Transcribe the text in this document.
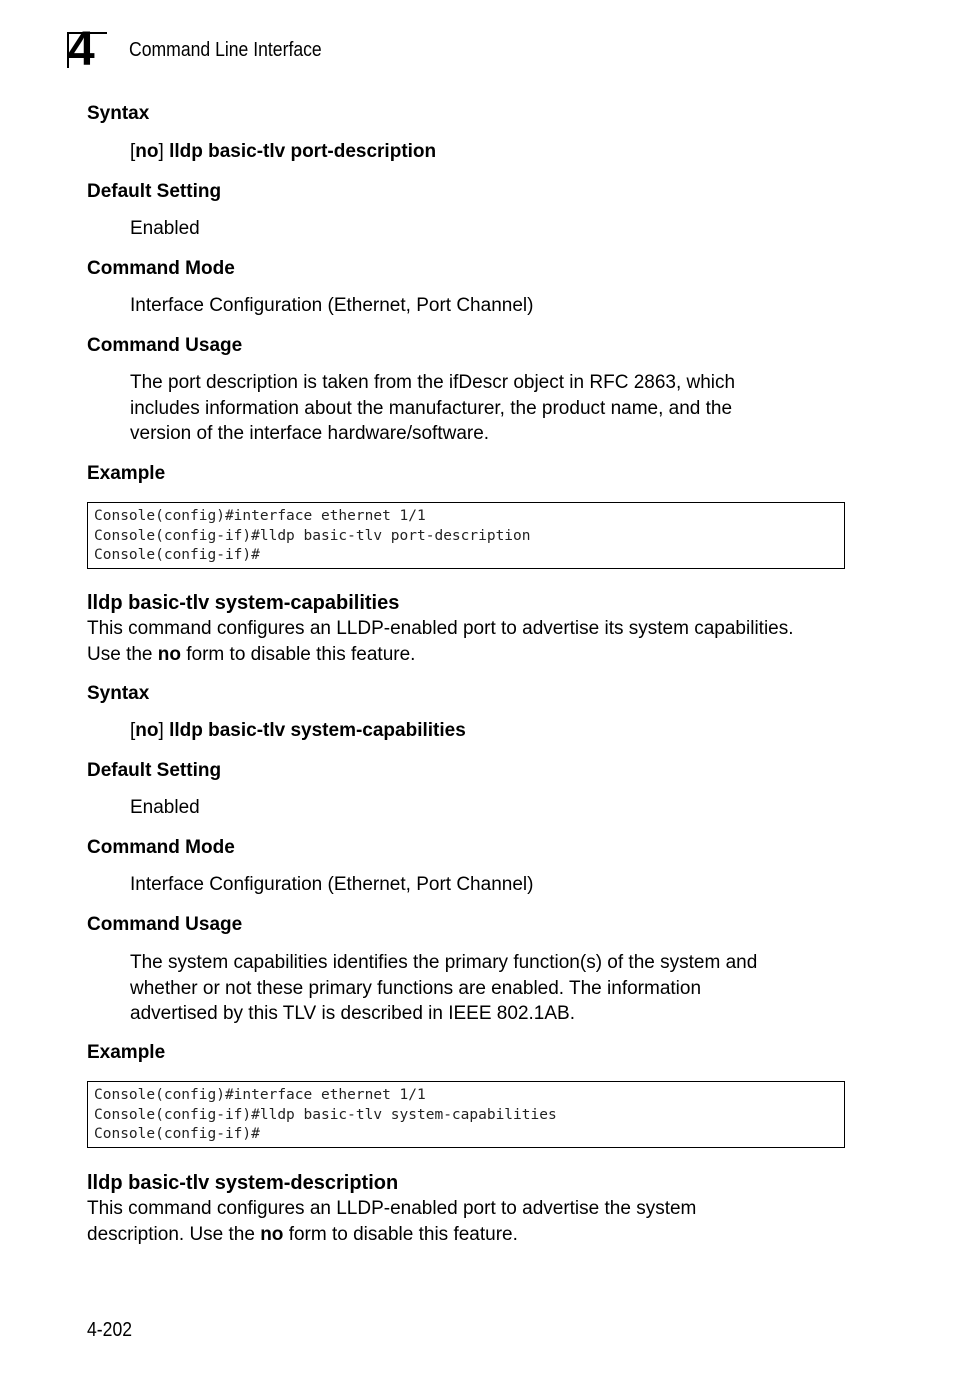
4 Command Line Interface
Syntax
[no] lldp basic-tlv port-description
Default Setting
Enabled
Command Mode
Interface Configuration (Ethernet, Port Channel)
Command Usage
The port description is taken from the ifDescr object in RFC 2863, which
includes information about the manufacturer, the product name, and the
version of the interface hardware/software.
Example
Console(config)#interface ethernet 1/1
Console(config-if)#lldp basic-tlv port-description
Console(config-if)#
lldp basic-tlv system-capabilities
This command configures an LLDP-enabled port to advertise its system capabilities.
Use the no form to disable this feature.
Syntax
[no] lldp basic-tlv system-capabilities
Default Setting
Enabled
Command Mode
Interface Configuration (Ethernet, Port Channel)
Command Usage
The system capabilities identifies the primary function(s) of the system and
whether or not these primary functions are enabled. The information
advertised by this TLV is described in IEEE 802.1AB.
Example
Console(config)#interface ethernet 1/1
Console(config-if)#lldp basic-tlv system-capabilities
Console(config-if)#
lldp basic-tlv system-description
This command configures an LLDP-enabled port to advertise the system
description. Use the no form to disable this feature.
4-202
